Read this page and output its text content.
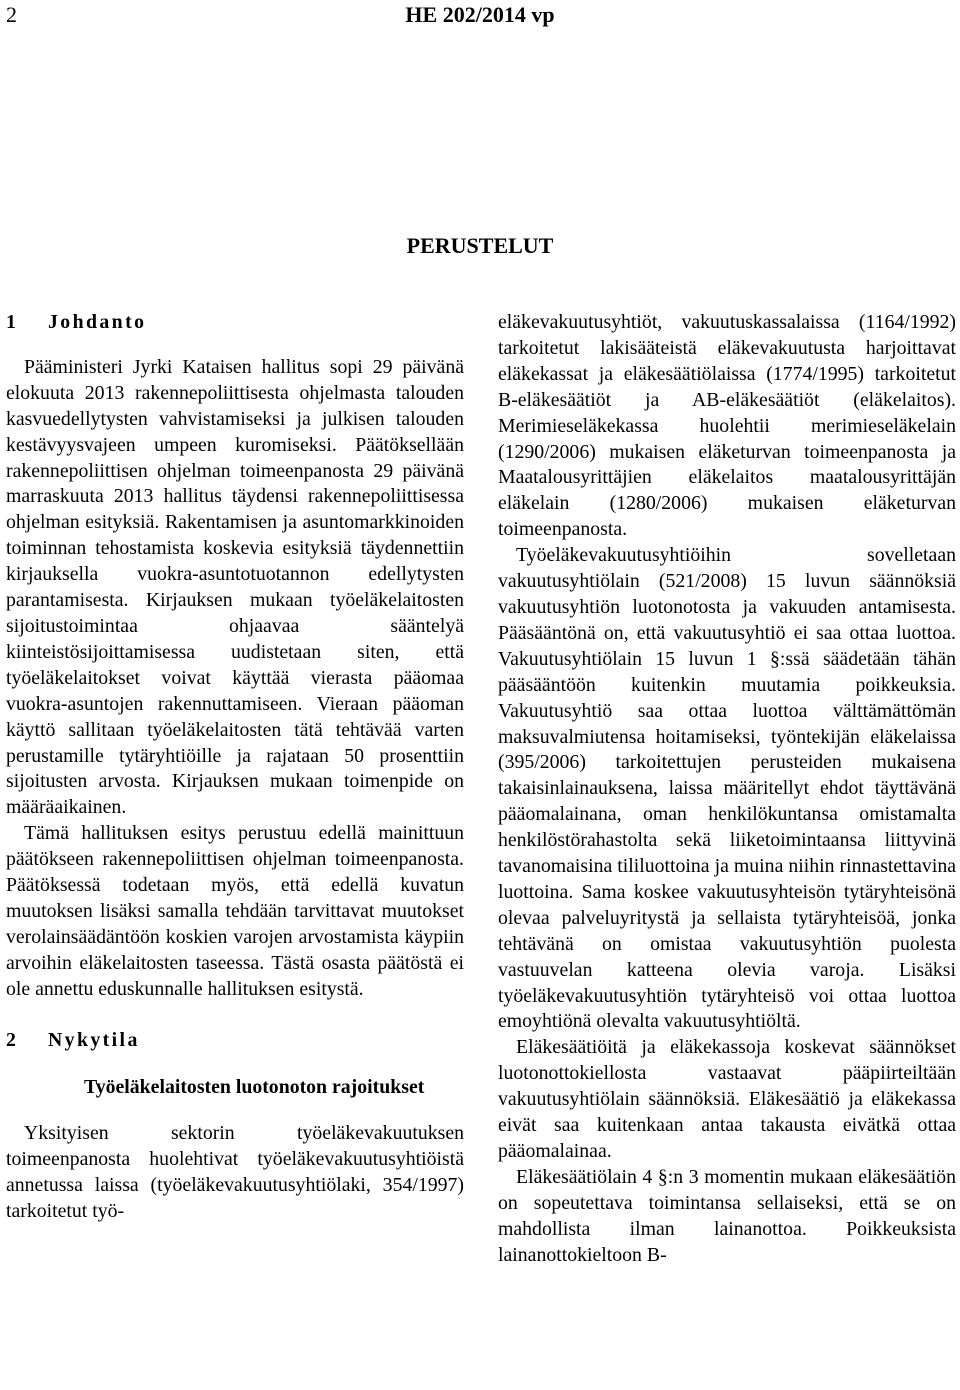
2	HE 202/2014 vp
PERUSTELUT
1 Johdanto

Pääministeri Jyrki Kataisen hallitus sopi 29 päivänä elokuuta 2013 rakennepoliittisesta ohjelmasta talouden kasvuedellytysten vahvistamiseksi ja julkisen talouden kestävyysvajeen umpeen kuromiseksi. Päätöksellään rakennepoliittisen ohjelman toimeenpanosta 29 päivänä marraskuuta 2013 hallitus täydensi rakennepoliittisessa ohjelman esityksiä. Rakentamisen ja asuntomarkkinoiden toiminnan tehostamista koskevia esityksiä täydennettiin kirjauksella vuokra-asuntotuotannon edellytysten parantamisesta. Kirjauksen mukaan työeläkelaitosten sijoitustoimintaa ohjaavaa sääntelyä kiinteistösijoittamisessa uudistetaan siten, että työeläkelaitokset voivat käyttää vierasta pääomaa vuokra-asuntojen rakennuttamiseen. Vieraan pääoman käyttö sallitaan työeläkelaitosten tätä tehtävää varten perustamille tytäryhtiöille ja rajataan 50 prosenttiin sijoitusten arvosta. Kirjauksen mukaan toimenpide on määräaikainen.

Tämä hallituksen esitys perustuu edellä mainittuun päätökseen rakennepoliittisen ohjelman toimeenpanosta. Päätöksessä todetaan myös, että edellä kuvatun muutoksen lisäksi samalla tehdään tarvittavat muutokset verolainsäädäntöön koskien varojen arvostamista käypiin arvoihin eläkelaitosten taseessa. Tästä osasta päätöstä ei ole annettu eduskunnalle hallituksen esitystä.

2 Nykytila
Työeläkelaitosten luotonoton rajoitukset

Yksityisen sektorin työeläkevakuutuksen toimeenpanosta huolehtivat työeläkevakuutusyhtiöistä annetussa laissa (työeläkevakuutusyhtiölaki, 354/1997) tarkoitetut työ-

eläkevakuutusyhtiöt, vakuutuskassalaissa (1164/1992) tarkoitetut lakisääteistä eläkevakuutusta harjoittavat eläkekassat ja eläkesäätiölaissa (1774/1995) tarkoitetut B-eläkesäätiöt ja AB-eläkesäätiöt (eläkelaitos). Merimieseläkekassa huolehtii merimieseläkelain (1290/2006) mukaisen eläketurvan toimeenpanosta ja Maatalousyrittäjien eläkelaitos maatalousyrittäjän eläkelain (1280/2006) mukaisen eläketurvan toimeenpanosta.

Työeläkevakuutusyhtiöihin sovelletaan vakuutusyhtiölain (521/2008) 15 luvun säännöksiä vakuutusyhtiön luotonotosta ja vakuuden antamisesta. Pääsääntönä on, että vakuutusyhtiö ei saa ottaa luottoa. Vakuutusyhtiölain 15 luvun 1 §:ssä säädetään tähän pääsääntöön kuitenkin muutamia poikkeuksia. Vakuutusyhtiö saa ottaa luottoa välttämättömän maksuvalmiutensa hoitamiseksi, työntekijän eläkelaissa (395/2006) tarkoitettujen perusteiden mukaisena takaisinlainauksena, laissa määritellyt ehdot täyttävänä pääomalainana, oman henkilökuntansa omistamalta henkilöstörahastolta sekä liiketoimintaansa liittyvinä tavanomaisina tililuottoina ja muina niihin rinnastettavina luottoina. Sama koskee vakuutusyhteisön tytäryhteisönä olevaa palveluyritystä ja sellaista tytäryhteisöä, jonka tehtävänä on omistaa vakuutusyhtiön puolesta vastuuvelan katteena olevia varoja. Lisäksi työeläkevakuutusyhtiön tytäryhteisö voi ottaa luottoa emoyhtiönä olevalta vakuutusyhtiöltä.

Eläkesäätiöitä ja eläkekassoja koskevat säännökset luotonottokiellosta vastaavat pääpiirteiltään vakuutusyhtiölain säännöksiä. Eläkesäätiö ja eläkekassa eivät saa kuitenkaan antaa takausta eivätkä ottaa pääomalainaa.

Eläkesäätiölain 4 §:n 3 momentin mukaan eläkesäätiön on sopeutettava toimintansa sellaiseksi, että se on mahdollista ilman lainanottoa. Poikkeuksista lainanottokieltoon B-
